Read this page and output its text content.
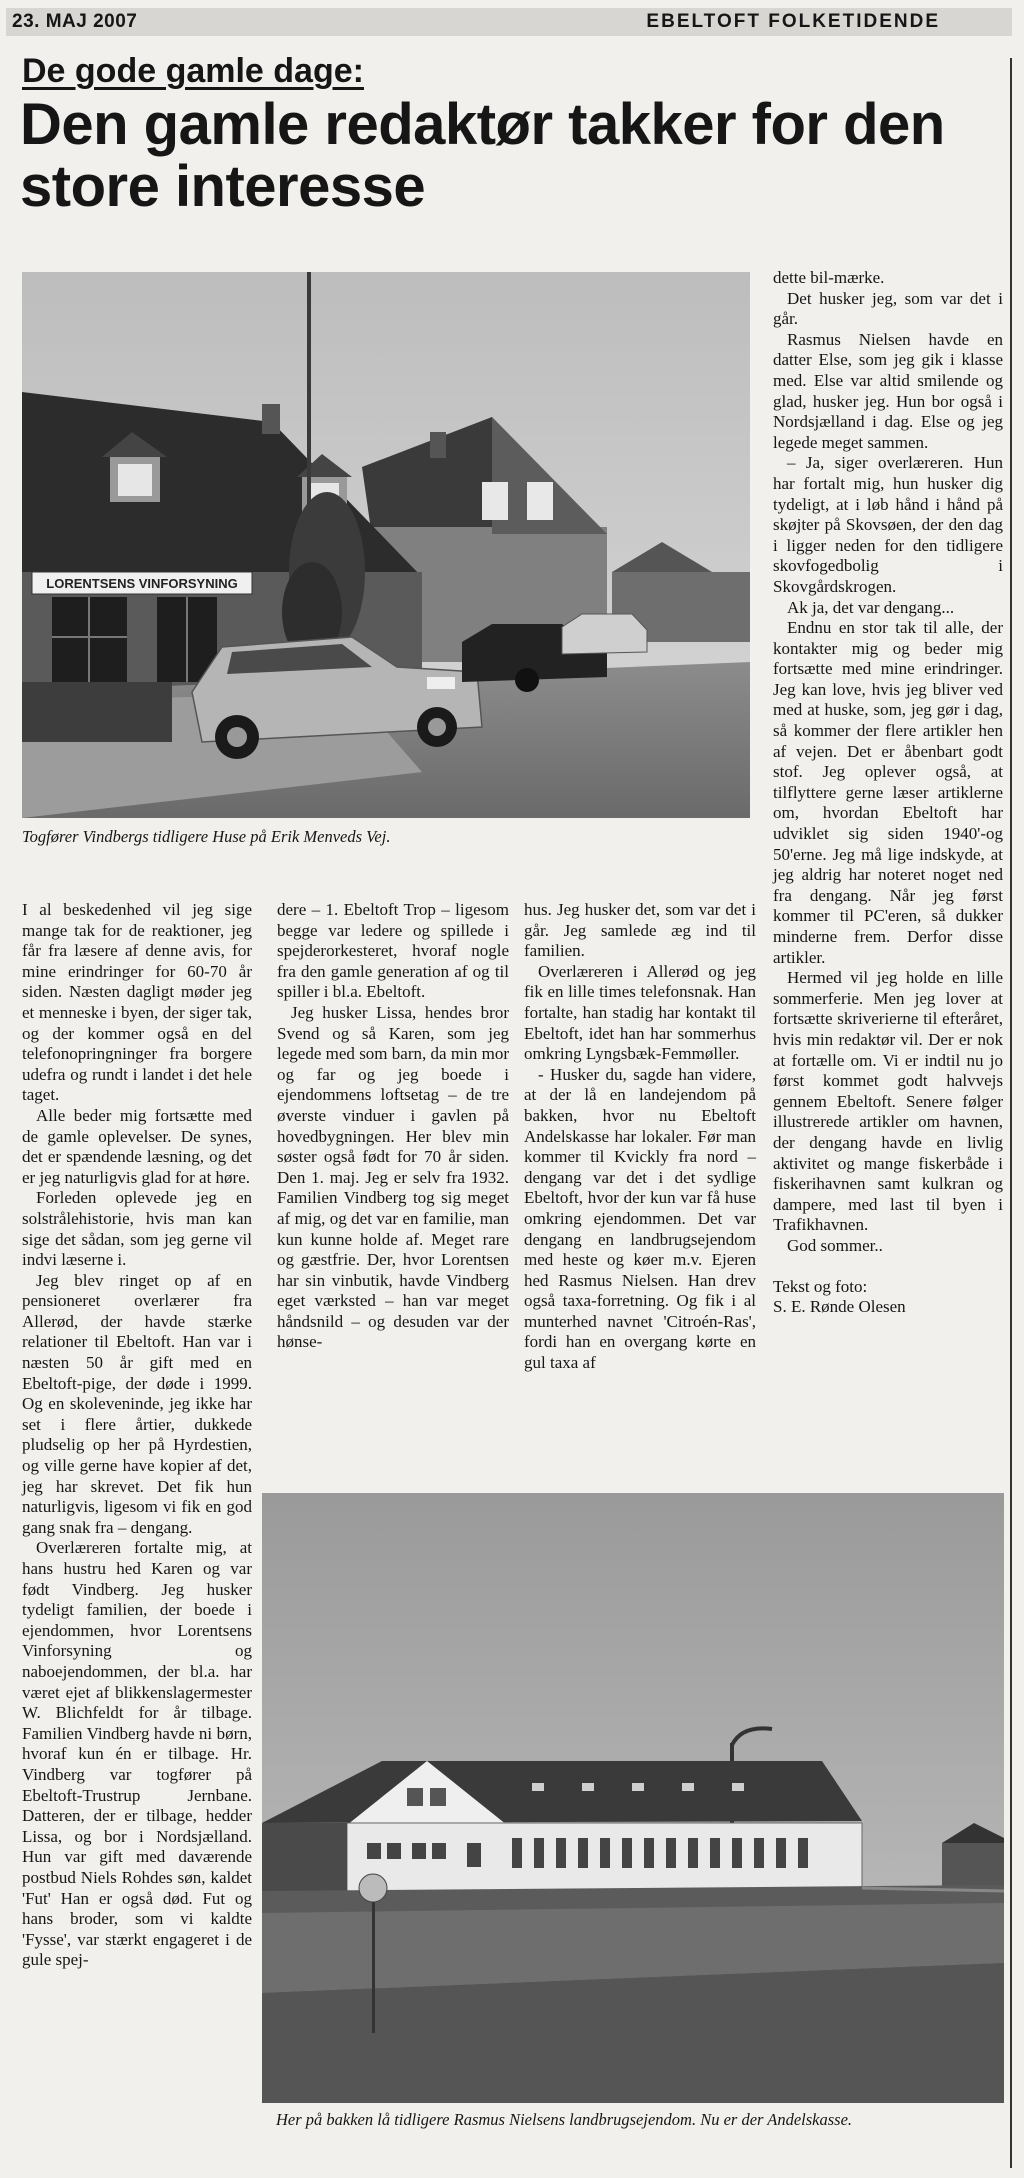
23. MAJ 2007	EBELTOFT FOLKETIDENDE
De gode gamle dage:
Den gamle redaktør takker for den store interesse
LORENTSENS VINFORSYNING
Togfører Vindbergs tidligere Huse på Erik Menveds Vej.

I al beskedenhed vil jeg sige mange tak for de reaktioner, jeg får fra læsere af denne avis, for mine erindringer for 60-70 år siden. Næsten dagligt møder jeg et menneske i byen, der siger tak, og der kommer også en del telefonopringninger fra borgere udefra og rundt i landet i det hele taget.

Alle beder mig fortsætte med de gamle oplevelser. De synes, det er spændende læsning, og det er jeg naturligvis glad for at høre.

Forleden oplevede jeg en solstrålehistorie, hvis man kan sige det sådan, som jeg gerne vil indvi læserne i.

Jeg blev ringet op af en pensioneret overlærer fra Allerød, der havde stærke relationer til Ebeltoft. Han var i næsten 50 år gift med en Ebeltoft-pige, der døde i 1999. Og en skoleveninde, jeg ikke har set i flere årtier, dukkede pludselig op her på Hyrdestien, og ville gerne have kopier af det, jeg har skrevet. Det fik hun naturligvis, ligesom vi fik en god gang snak fra – dengang.

Overlæreren fortalte mig, at hans hustru hed Karen og var født Vindberg. Jeg husker tydeligt familien, der boede i ejendommen, hvor Lorentsens Vinforsyning og naboejendommen, der bl.a. har været ejet af blikkenslagermester W. Blichfeldt for år tilbage. Familien Vindberg havde ni børn, hvoraf kun én er tilbage. Hr. Vindberg var togfører på Ebeltoft-Trustrup Jernbane. Datteren, der er tilbage, hedder Lissa, og bor i Nordsjælland. Hun var gift med daværende postbud Niels Rohdes søn, kaldet 'Fut' Han er også død. Fut og hans broder, som vi kaldte 'Fysse', var stærkt engageret i de gule spej-

dere – 1. Ebeltoft Trop – ligesom begge var ledere og spillede i spejderorkesteret, hvoraf nogle fra den gamle generation af og til spiller i bl.a. Ebeltoft.

Jeg husker Lissa, hendes bror Svend og så Karen, som jeg legede med som barn, da min mor og far og jeg boede i ejendommens loftsetag – de tre øverste vinduer i gavlen på hovedbygningen. Her blev min søster også født for 70 år siden. Den 1. maj. Jeg er selv fra 1932. Familien Vindberg tog sig meget af mig, og det var en familie, man kun kunne holde af. Meget rare og gæstfrie. Der, hvor Lorentsen har sin vinbutik, havde Vindberg eget værksted – han var meget håndsnild – og desuden var der hønse-

hus. Jeg husker det, som var det i går. Jeg samlede æg ind til familien.

Overlæreren i Allerød og jeg fik en lille times telefonsnak. Han fortalte, han stadig har kontakt til Ebeltoft, idet han har sommerhus omkring Lyngsbæk-Femmøller.

- Husker du, sagde han videre, at der lå en landejendom på bakken, hvor nu Ebeltoft Andelskasse har lokaler. Før man kommer til Kvickly fra nord – dengang var det i det sydlige Ebeltoft, hvor der kun var få huse omkring ejendommen. Det var dengang en landbrugsejendom med heste og køer m.v. Ejeren hed Rasmus Nielsen. Han drev også taxa-forretning. Og fik i al munterhed navnet 'Citroén-Ras', fordi han en overgang kørte en gul taxa af

dette bil-mærke.

Det husker jeg, som var det i går.

Rasmus Nielsen havde en datter Else, som jeg gik i klasse med. Else var altid smilende og glad, husker jeg. Hun bor også i Nordsjælland i dag. Else og jeg legede meget sammen.

– Ja, siger overlæreren. Hun har fortalt mig, hun husker dig tydeligt, at i løb hånd i hånd på skøjter på Skovsøen, der den dag i ligger neden for den tidligere skovfogedbolig i Skovgårdskrogen.

Ak ja, det var dengang...

Endnu en stor tak til alle, der kontakter mig og beder mig fortsætte med mine erindringer. Jeg kan love, hvis jeg bliver ved med at huske, som, jeg gør i dag, så kommer der flere artikler hen af vejen. Det er åbenbart godt stof. Jeg oplever også, at tilflyttere gerne læser artiklerne om, hvordan Ebeltoft har udviklet sig siden 1940'-og 50'erne. Jeg må lige indskyde, at jeg aldrig har noteret noget ned fra dengang. Når jeg først kommer til PC'eren, så dukker minderne frem. Derfor disse artikler.

Hermed vil jeg holde en lille sommerferie. Men jeg lover at fortsætte skriverierne til efteråret, hvis min redaktør vil. Der er nok at fortælle om. Vi er indtil nu jo først kommet godt halvvejs gennem Ebeltoft. Senere følger illustrerede artikler om havnen, der dengang havde en livlig aktivitet og mange fiskerbåde i fiskerihavnen samt kulkran og dampere, med last til byen i Trafikhavnen.

God sommer..

Tekst og foto:

S. E. Rønde Olesen

Her på bakken lå tidligere Rasmus Nielsens landbrugsejendom. Nu er der Andelskasse.
